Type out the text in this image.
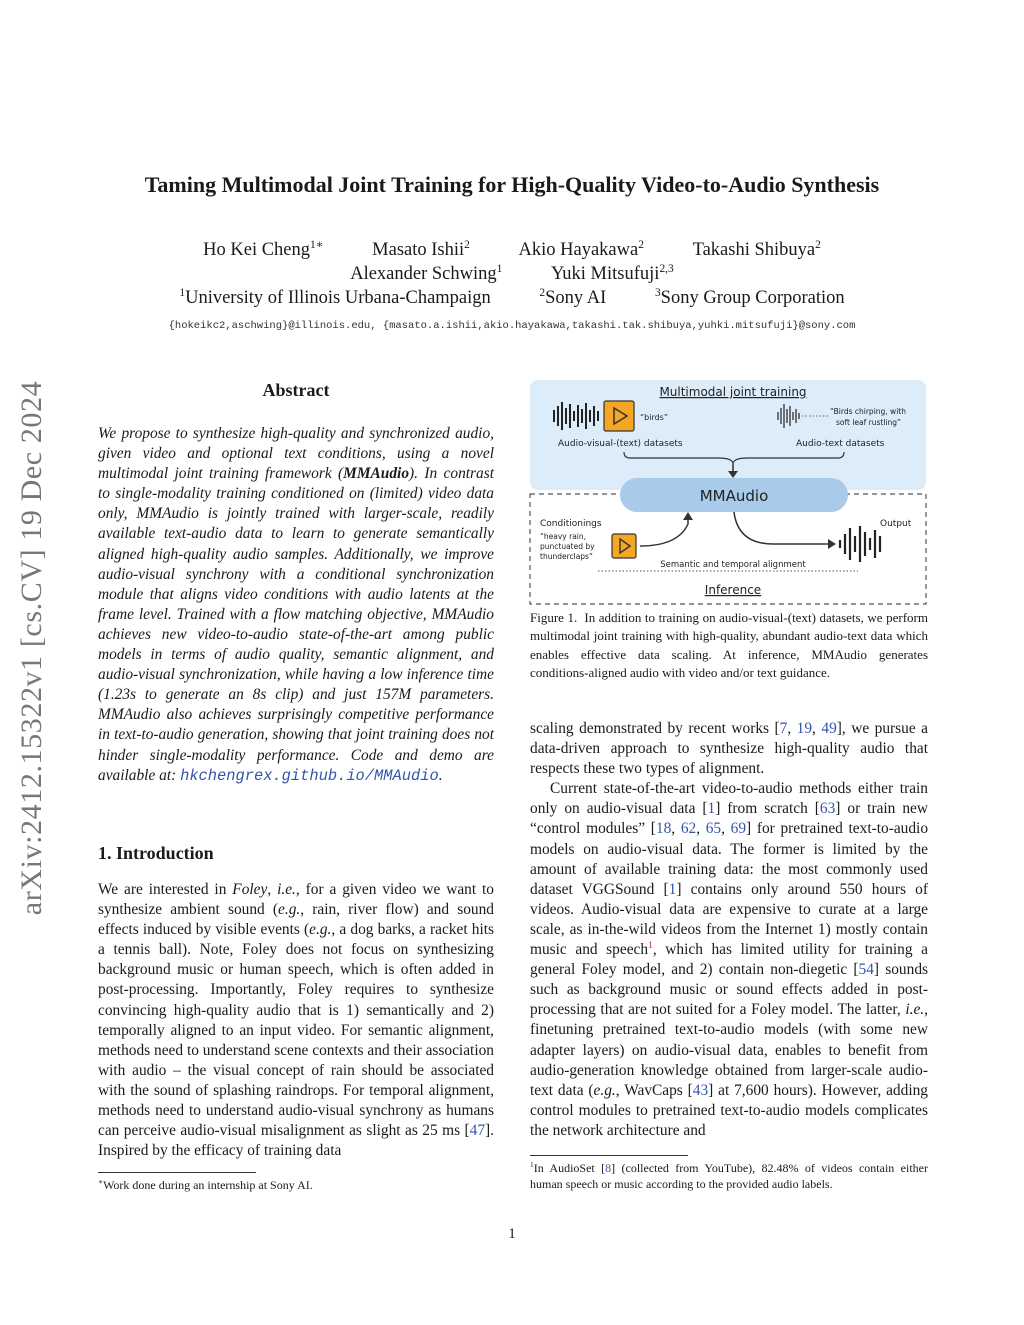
arXiv:2412.15322v1 [cs.CV] 19 Dec 2024
Taming Multimodal Joint Training for High-Quality Video-to-Audio Synthesis
Ho Kei Cheng$^{1∗}$	Masato Ishii$^2$	Akio Hayakawa$^2$	Takashi Shibuya$^2$
Alexander Schwing$^1$	Yuki Mitsufuji$^{2,3}$
$^1$University of Illinois Urbana-Champaign	$^2$Sony AI	$^3$Sony Group Corporation
{hokeikc2,aschwing}@illinois.edu, {masato.a.ishii,akio.hayakawa,takashi.tak.shibuya,yuhki.mitsufuji}@sony.com
Abstract

We propose to synthesize high-quality and synchronized audio, given video and optional text conditions, using a novel multimodal joint training framework (MMAudio). In contrast to single-modality training conditioned on (limited) video data only, MMAudio is jointly trained with larger-scale, readily available text-audio data to learn to generate semantically aligned high-quality audio samples. Additionally, we improve audio-visual synchrony with a conditional synchronization module that aligns video conditions with audio latents at the frame level. Trained with a flow matching objective, MMAudio achieves new video-to-audio state-of-the-art among public models in terms of audio quality, semantic alignment, and audio-visual synchronization, while having a low inference time (1.23s to generate an 8s clip) and just 157M parameters. MMAudio also achieves surprisingly competitive performance in text-to-audio generation, showing that joint training does not hinder single-modality performance. Code and demo are available at: hkchengrex.github.io/MMAudio.

1. Introduction

We are interested in Foley, i.e., for a given video we want to synthesize ambient sound (e.g., rain, river flow) and sound effects induced by visible events (e.g., a dog barks, a racket hits a tennis ball). Note, Foley does not focus on synthesizing background music or human speech, which is often added in post-processing. Importantly, Foley requires to synthesize convincing high-quality audio that is 1) semantically and 2) temporally aligned to an input video. For semantic alignment, methods need to understand scene contexts and their association with audio – the visual concept of rain should be associated with the sound of splashing raindrops. For temporal alignment, methods need to understand audio-visual synchrony as humans can perceive audio-visual misalignment as slight as 25 ms [47]. Inspired by the efficacy of training data

∗Work done during an internship at Sony AI.
Multimodal joint training
“birds”
“Birds chirping, with
soft leaf rustling”
Audio-visual-(text) datasets	Audio-text datasets
MMAudio
Conditionings
“heavy rain,
punctuated by
thunderclaps”
Output
Semantic and temporal alignment
Inference
Figure 1. In addition to training on audio-visual-(text) datasets, we perform multimodal joint training with high-quality, abundant audio-text data which enables effective data scaling. At inference, MMAudio generates conditions-aligned audio with video and/or text guidance.

scaling demonstrated by recent works [7, 19, 49], we pursue a data-driven approach to synthesize high-quality audio that respects these two types of alignment.

Current state-of-the-art video-to-audio methods either train only on audio-visual data [1] from scratch [63] or train new “control modules” [18, 62, 65, 69] for pretrained text-to-audio models on audio-visual data. The former is limited by the amount of available training data: the most commonly used dataset VGGSound [1] contains only around 550 hours of videos. Audio-visual data are expensive to curate at a large scale, as in-the-wild videos from the Internet 1) mostly contain music and speech$^1$, which has limited utility for training a general Foley model, and 2) contain non-diegetic [54] sounds such as background music or sound effects added in post-processing that are not suited for a Foley model. The latter, i.e., finetuning pretrained text-to-audio models (with some new adapter layers) on audio-visual data, enables to benefit from audio-generation knowledge obtained from larger-scale audio-text data (e.g., WavCaps [43] at 7,600 hours). However, adding control modules to pretrained text-to-audio models complicates the network architecture and

$^1$In AudioSet [8] (collected from YouTube), 82.48% of videos contain either human speech or music according to the provided audio labels.
1
